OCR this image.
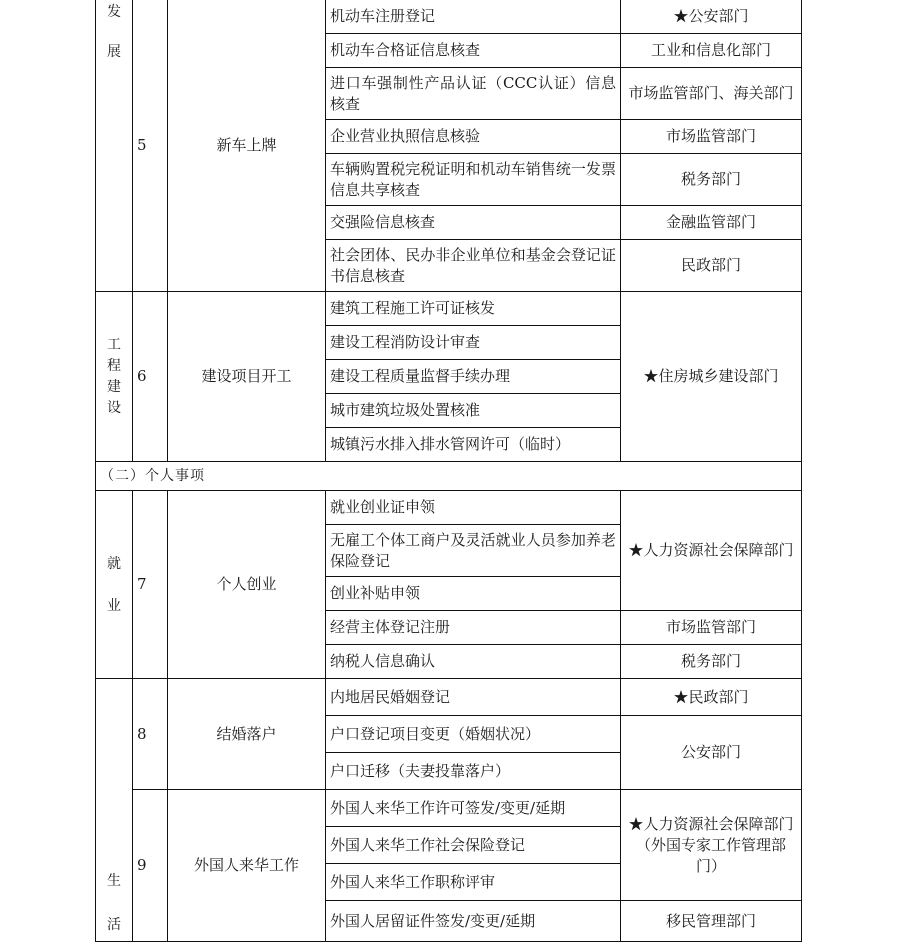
发展	5	新车上牌	机动车注册登记	★公安部门
			机动车合格证信息核查	工业和信息化部门
			进口车强制性产品认证（CCC认证）信息核查	市场监管部门、海关部门
			企业营业执照信息核验	市场监管部门
			车辆购置税完税证明和机动车销售统一发票信息共享核查	税务部门
			交强险信息核查	金融监管部门
			社会团体、民办非企业单位和基金会登记证书信息核查	民政部门
工程建设	6	建设项目开工	建筑工程施工许可证核发	★住房城乡建设部门
			建设工程消防设计审查	
			建设工程质量监督手续办理	
			城市建筑垃圾处置核准	
			城镇污水排入排水管网许可（临时）	
（二）个人事项				
就业	7	个人创业	就业创业证申领	★人力资源社会保障部门
			无雇工个体工商户及灵活就业人员参加养老保险登记	
			创业补贴申领	
			经营主体登记注册	市场监管部门
			纳税人信息确认	税务部门
生活	8	结婚落户	内地居民婚姻登记	★民政部门
			户口登记项目变更（婚姻状况）	公安部门
			户口迁移（夫妻投靠落户）	
	9	外国人来华工作	外国人来华工作许可签发/变更/延期	★人力资源社会保障部门（外国专家工作管理部门）
			外国人来华工作社会保险登记	
			外国人来华工作职称评审	
			外国人居留证件签发/变更/延期	移民管理部门
